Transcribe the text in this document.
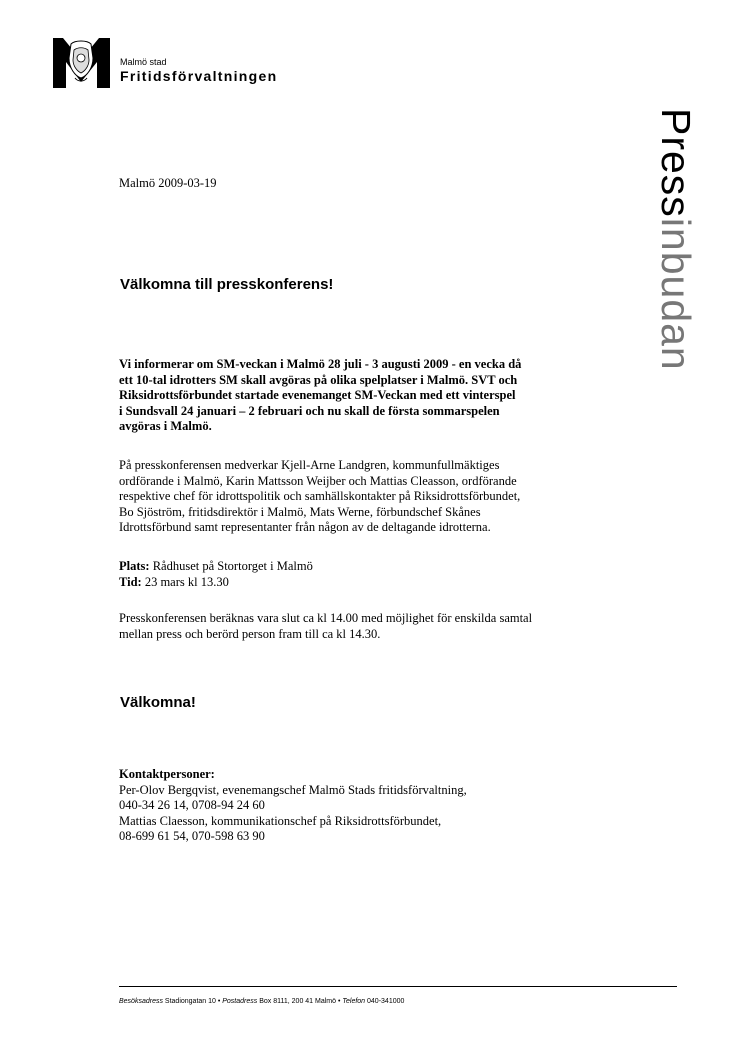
Malmö stad
Fritidsförvaltningen
Pressinbudan
Malmö 2009-03-19
Välkomna till presskonferens!
Vi informerar om SM-veckan i Malmö 28 juli - 3 augusti 2009 - en vecka då
ett 10-tal idrotters SM skall avgöras på olika spelplatser i Malmö. SVT och
Riksidrottsförbundet startade evenemanget SM-Veckan med ett vinterspel
i Sundsvall 24 januari – 2 februari och nu skall de första sommarspelen
avgöras i Malmö.
På presskonferensen medverkar Kjell-Arne Landgren, kommunfullmäktiges
ordförande i Malmö, Karin Mattsson Weijber och Mattias Cleasson, ordförande
respektive chef för idrottspolitik och samhällskontakter på Riksidrottsförbundet,
Bo Sjöström, fritidsdirektör i Malmö, Mats Werne, förbundschef Skånes
Idrottsförbund samt representanter från någon av de deltagande idrotterna.
Plats: Rådhuset på Stortorget i Malmö
Tid: 23 mars kl 13.30
Presskonferensen beräknas vara slut ca kl 14.00 med möjlighet för enskilda samtal
mellan press och berörd person fram till ca kl 14.30.
Välkomna!
Kontaktpersoner:
Per-Olov Bergqvist, evenemangschef Malmö Stads fritidsförvaltning,
040-34 26 14, 0708-94 24 60
Mattias Claesson, kommunikationschef på Riksidrottsförbundet,
08-699 61 54, 070-598 63 90
Besöksadress Stadiongatan 10 • Postadress Box 8111, 200 41 Malmö • Telefon 040-341000
